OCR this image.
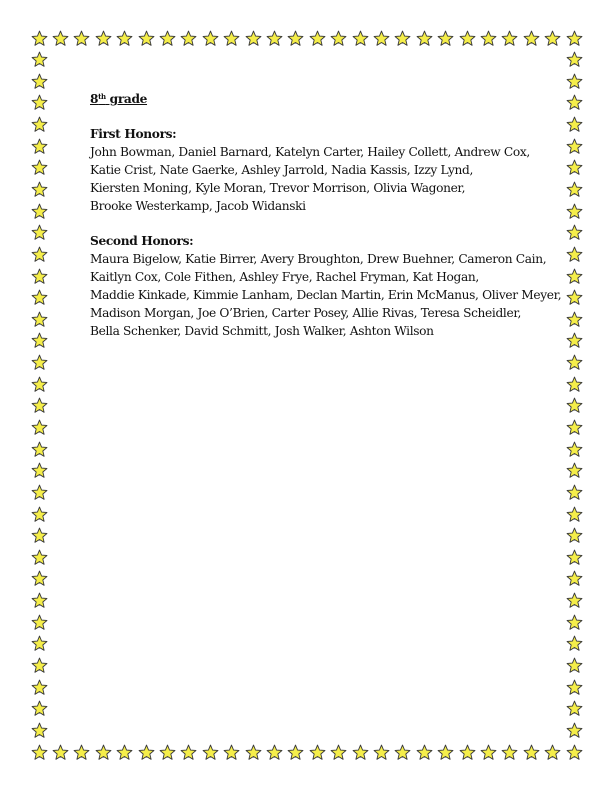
8th grade
First Honors:
John Bowman, Daniel Barnard, Katelyn Carter, Hailey Collett, Andrew Cox,
Katie Crist, Nate Gaerke, Ashley Jarrold, Nadia Kassis, Izzy Lynd,
Kiersten Moning, Kyle Moran, Trevor Morrison, Olivia Wagoner,
Brooke Westerkamp, Jacob Widanski
Second Honors:
Maura Bigelow, Katie Birrer, Avery Broughton, Drew Buehner, Cameron Cain,
Kaitlyn Cox, Cole Fithen, Ashley Frye, Rachel Fryman, Kat Hogan,
Maddie Kinkade, Kimmie Lanham, Declan Martin, Erin McManus, Oliver Meyer,
Madison Morgan, Joe O’Brien, Carter Posey, Allie Rivas, Teresa Scheidler,
Bella Schenker, David Schmitt, Josh Walker, Ashton Wilson
